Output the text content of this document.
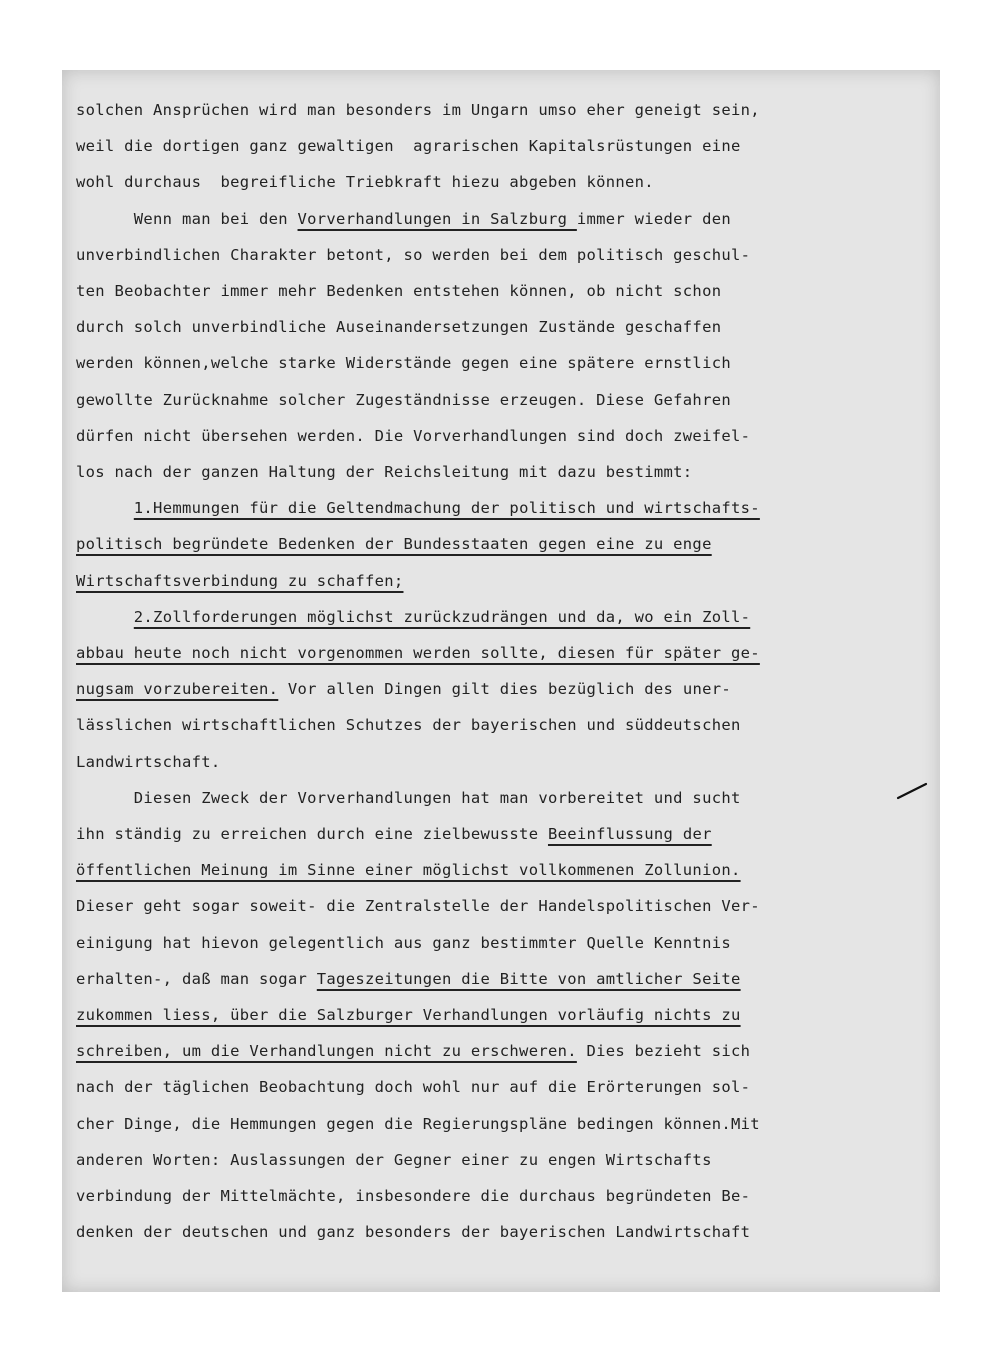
solchen Ansprüchen wird man besonders im Ungarn umso eher geneigt sein,
weil die dortigen ganz gewaltigen  agrarischen Kapitalsrüstungen eine
wohl durchaus  begreifliche Triebkraft hiezu abgeben können.
Wenn man bei den Vorverhandlungen in Salzburg immer wieder den
unverbindlichen Charakter betont, so werden bei dem politisch geschul-
ten Beobachter immer mehr Bedenken entstehen können, ob nicht schon
durch solch unverbindliche Auseinandersetzungen Zustände geschaffen
werden können,welche starke Widerstände gegen eine spätere ernstlich
gewollte Zurücknahme solcher Zugeständnisse erzeugen. Diese Gefahren
dürfen nicht übersehen werden. Die Vorverhandlungen sind doch zweifel-
los nach der ganzen Haltung der Reichsleitung mit dazu bestimmt:
1.Hemmungen für die Geltendmachung der politisch und wirtschafts-
politisch begründete Bedenken der Bundesstaaten gegen eine zu enge
Wirtschaftsverbindung zu schaffen;
2.Zollforderungen möglichst zurückzudrängen und da, wo ein Zoll-
abbau heute noch nicht vorgenommen werden sollte, diesen für später ge-
nugsam vorzubereiten. Vor allen Dingen gilt dies bezüglich des uner-
lässlichen wirtschaftlichen Schutzes der bayerischen und süddeutschen
Landwirtschaft.
Diesen Zweck der Vorverhandlungen hat man vorbereitet und sucht
ihn ständig zu erreichen durch eine zielbewusste Beeinflussung der
öffentlichen Meinung im Sinne einer möglichst vollkommenen Zollunion.
Dieser geht sogar soweit- die Zentralstelle der Handelspolitischen Ver-
einigung hat hievon gelegentlich aus ganz bestimmter Quelle Kenntnis
erhalten-, daß man sogar Tageszeitungen die Bitte von amtlicher Seite
zukommen liess, über die Salzburger Verhandlungen vorläufig nichts zu
schreiben, um die Verhandlungen nicht zu erschweren. Dies bezieht sich
nach der täglichen Beobachtung doch wohl nur auf die Erörterungen sol-
cher Dinge, die Hemmungen gegen die Regierungspläne bedingen können.Mit
anderen Worten: Auslassungen der Gegner einer zu engen Wirtschafts
verbindung der Mittelmächte, insbesondere die durchaus begründeten Be-
denken der deutschen und ganz besonders der bayerischen Landwirtschaft
